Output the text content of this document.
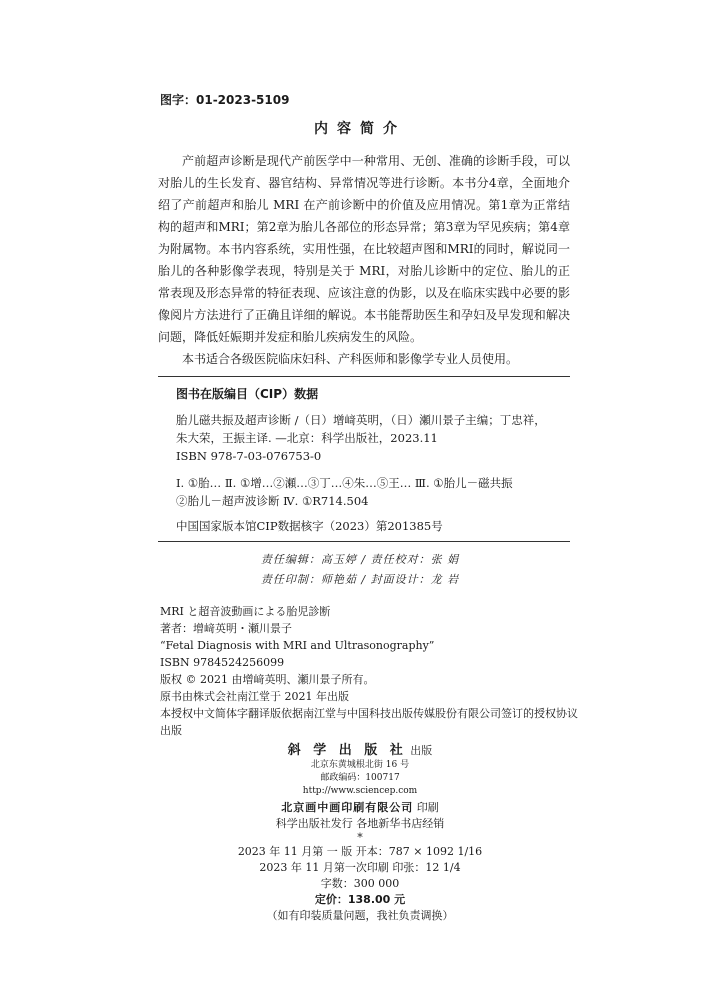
图字：01-2023-5109
内容简介

产前超声诊断是现代产前医学中一种常用、无创、准确的诊断手段，可以对胎儿的生长发育、器官结构、异常情况等进行诊断。本书分4章，全面地介绍了产前超声和胎儿 MRI 在产前诊断中的价值及应用情况。第1章为正常结构的超声和MRI；第2章为胎儿各部位的形态异常；第3章为罕见疾病；第4章为附属物。本书内容系统，实用性强，在比较超声图和MRI的同时，解说同一胎儿的各种影像学表现，特别是关于 MRI，对胎儿诊断中的定位、胎儿的正常表现及形态异常的特征表现、应该注意的伪影，以及在临床实践中必要的影像阅片方法进行了正确且详细的解说。本书能帮助医生和孕妇及早发现和解决问题，降低妊娠期并发症和胎儿疾病发生的风险。

本书适合各级医院临床妇科、产科医师和影像学专业人员使用。

图书在版编目（CIP）数据
胎儿磁共振及超声诊断 /（日）增﨑英明，（日）瀬川景子主编；丁忠祥，
朱大荣，王振主译. —北京：科学出版社，2023.11
ISBN 978-7-03-076753-0
Ⅰ. ①胎… Ⅱ. ①增…②瀬…③丁…④朱…⑤王… Ⅲ. ①胎儿－磁共振
②胎儿－超声波诊断 Ⅳ. ①R714.504
中国国家版本馆CIP数据核字（2023）第201385号
责任编辑：高玉婷 / 责任校对：张 娟
责任印制：师艳茹 / 封面设计：龙 岩
MRI と超音波動画による胎児診断
著者：增﨑英明・瀬川景子
“Fetal Diagnosis with MRI and Ultrasonography”
ISBN 9784524256099
版权 © 2021 由增﨑英明、瀬川景子所有。
原书由株式会社南江堂于 2021 年出版
本授权中文简体字翻译版依据南江堂与中国科技出版传媒股份有限公司签订的授权协议出版
斜 学 出 版 社 出版
北京东黄城根北街 16 号
邮政编码：100717
http://www.sciencep.com
北京画中画印刷有限公司 印刷
科学出版社发行 各地新华书店经销
*
2023 年 11 月第 一 版 开本：787 × 1092 1/16
2023 年 11 月第一次印刷 印张：12 1/4
字数：300 000
定价：138.00 元
（如有印装质量问题，我社负责调换）
